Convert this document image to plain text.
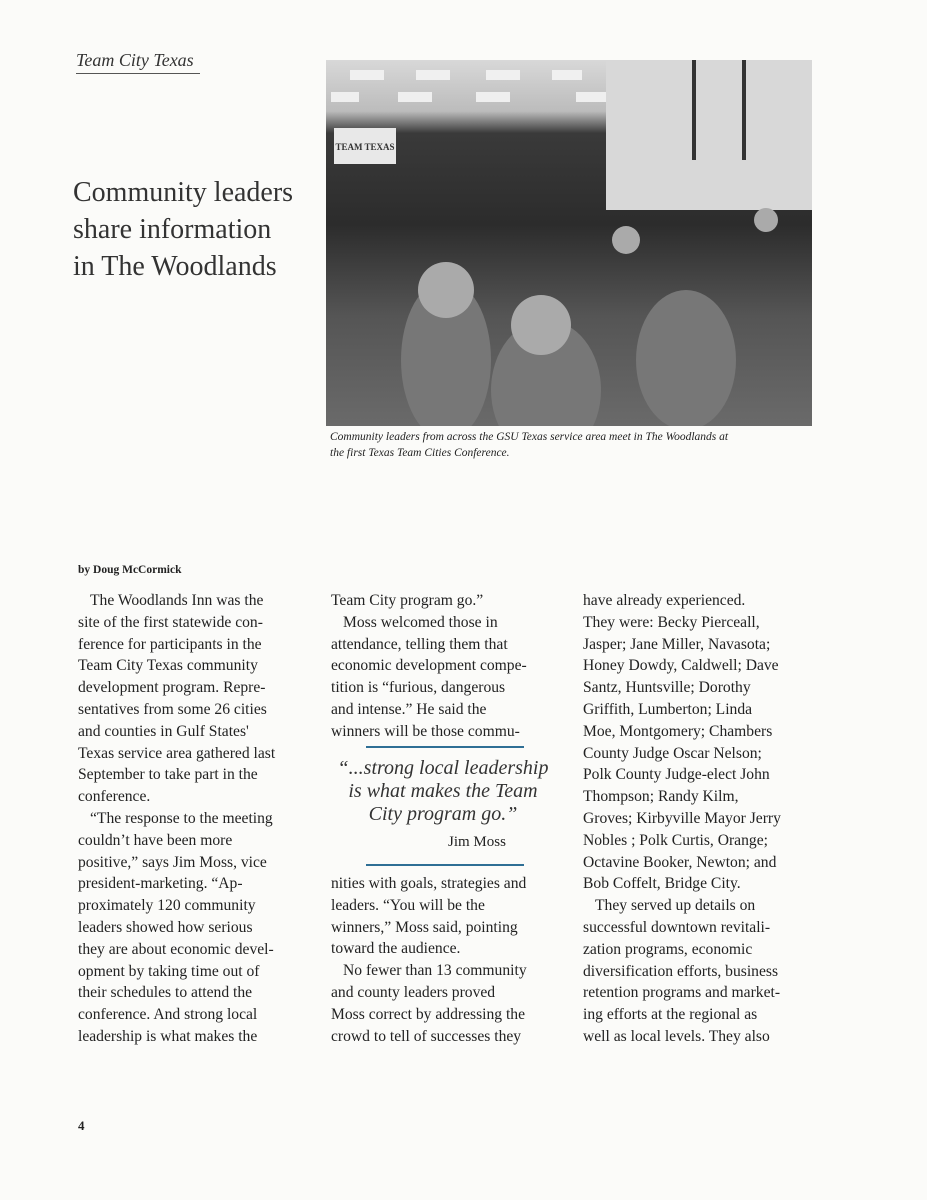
Team City Texas
Community leaders
share information
in The Woodlands
TEAM TEXAS
Community leaders from across the GSU Texas service area meet in The Woodlands at
the first Texas Team Cities Conference.
by Doug McCormick
The Woodlands Inn was the
site of the first statewide con-
ference for participants in the
Team City Texas community
development program. Repre-
sentatives from some 26 cities
and counties in Gulf States'
Texas service area gathered last
September to take part in the
conference.
“The response to the meeting
couldn’t have been more
positive,” says Jim Moss, vice
president-marketing. “Ap-
proximately 120 community
leaders showed how serious
they are about economic devel-
opment by taking time out of
their schedules to attend the
conference. And strong local
leadership is what makes the
Team City program go.”
Moss welcomed those in
attendance, telling them that
economic development compe-
tition is “furious, dangerous
and intense.” He said the
winners will be those commu-
“...strong local leadership
is what makes the Team
City program go.”
Jim Moss
nities with goals, strategies and
leaders. “You will be the
winners,” Moss said, pointing
toward the audience.
No fewer than 13 community
and county leaders proved
Moss correct by addressing the
crowd to tell of successes they
have already experienced.
They were: Becky Pierceall,
Jasper; Jane Miller, Navasota;
Honey Dowdy, Caldwell; Dave
Santz, Huntsville; Dorothy
Griffith, Lumberton; Linda
Moe, Montgomery; Chambers
County Judge Oscar Nelson;
Polk County Judge-elect John
Thompson; Randy Kilm,
Groves; Kirbyville Mayor Jerry
Nobles ; Polk Curtis, Orange;
Octavine Booker, Newton; and
Bob Coffelt, Bridge City.
They served up details on
successful downtown revitali-
zation programs, economic
diversification efforts, business
retention programs and market-
ing efforts at the regional as
well as local levels. They also
4
